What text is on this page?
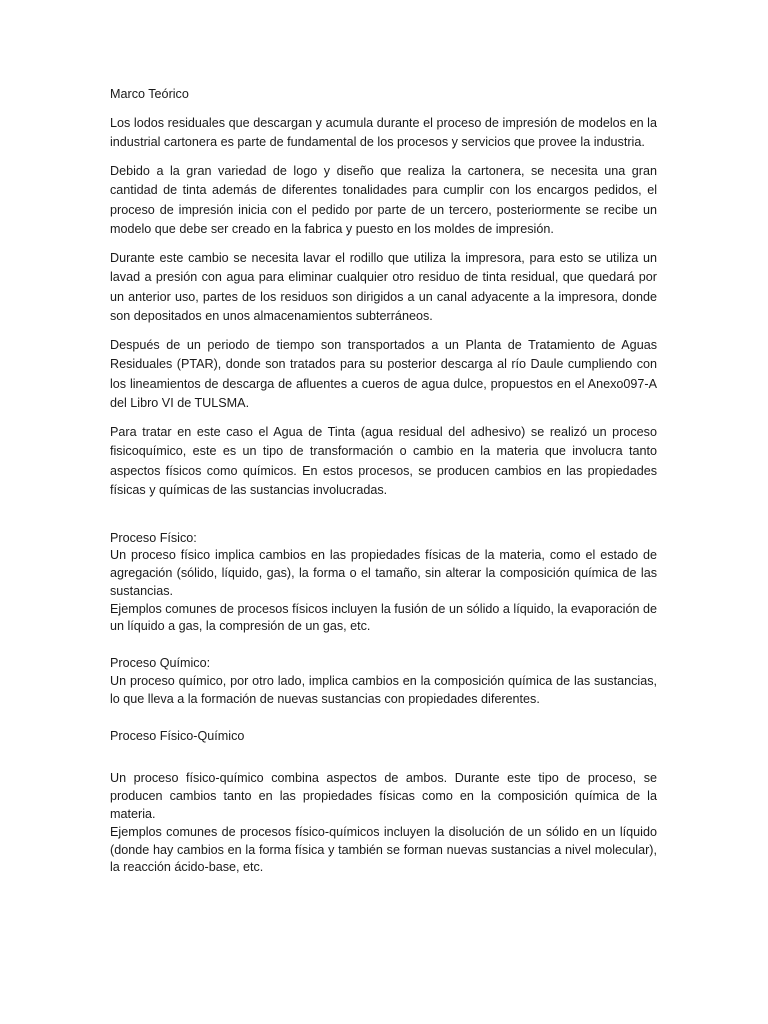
Marco Teórico

Los lodos residuales que descargan y acumula durante el proceso de impresión de modelos en la industrial cartonera es parte de fundamental de los procesos y servicios que provee la industria.

Debido a la gran variedad de logo y diseño que realiza la cartonera, se necesita una gran cantidad de tinta además de diferentes tonalidades para cumplir con los encargos pedidos, el proceso de impresión inicia con el pedido por parte de un tercero, posteriormente se recibe un modelo que debe ser creado en la fabrica y puesto en los moldes de impresión.

Durante este cambio se necesita lavar el rodillo que utiliza la impresora, para esto se utiliza un lavad a presión con agua para eliminar cualquier otro residuo de tinta residual, que quedará por un anterior uso, partes de los residuos son dirigidos a un canal adyacente a la impresora, donde son depositados en unos almacenamientos subterráneos.

Después de un periodo de tiempo son transportados a un Planta de Tratamiento de Aguas Residuales (PTAR), donde son tratados para su posterior descarga al río Daule cumpliendo con los lineamientos de descarga de afluentes a cueros de agua dulce, propuestos en el Anexo097-A del Libro VI de TULSMA.

Para tratar en este caso el Agua de Tinta (agua residual del adhesivo) se realizó un proceso fisicoquímico, este es un tipo de transformación o cambio en la materia que involucra tanto aspectos físicos como químicos. En estos procesos, se producen cambios en las propiedades físicas y químicas de las sustancias involucradas.

Proceso Físico:

Un proceso físico implica cambios en las propiedades físicas de la materia, como el estado de agregación (sólido, líquido, gas), la forma o el tamaño, sin alterar la composición química de las sustancias.

Ejemplos comunes de procesos físicos incluyen la fusión de un sólido a líquido, la evaporación de un líquido a gas, la compresión de un gas, etc.

Proceso Químico:

Un proceso químico, por otro lado, implica cambios en la composición química de las sustancias, lo que lleva a la formación de nuevas sustancias con propiedades diferentes.

Proceso Físico-Químico

Un proceso físico-químico combina aspectos de ambos. Durante este tipo de proceso, se producen cambios tanto en las propiedades físicas como en la composición química de la materia.

Ejemplos comunes de procesos físico-químicos incluyen la disolución de un sólido en un líquido (donde hay cambios en la forma física y también se forman nuevas sustancias a nivel molecular), la reacción ácido-base, etc.
